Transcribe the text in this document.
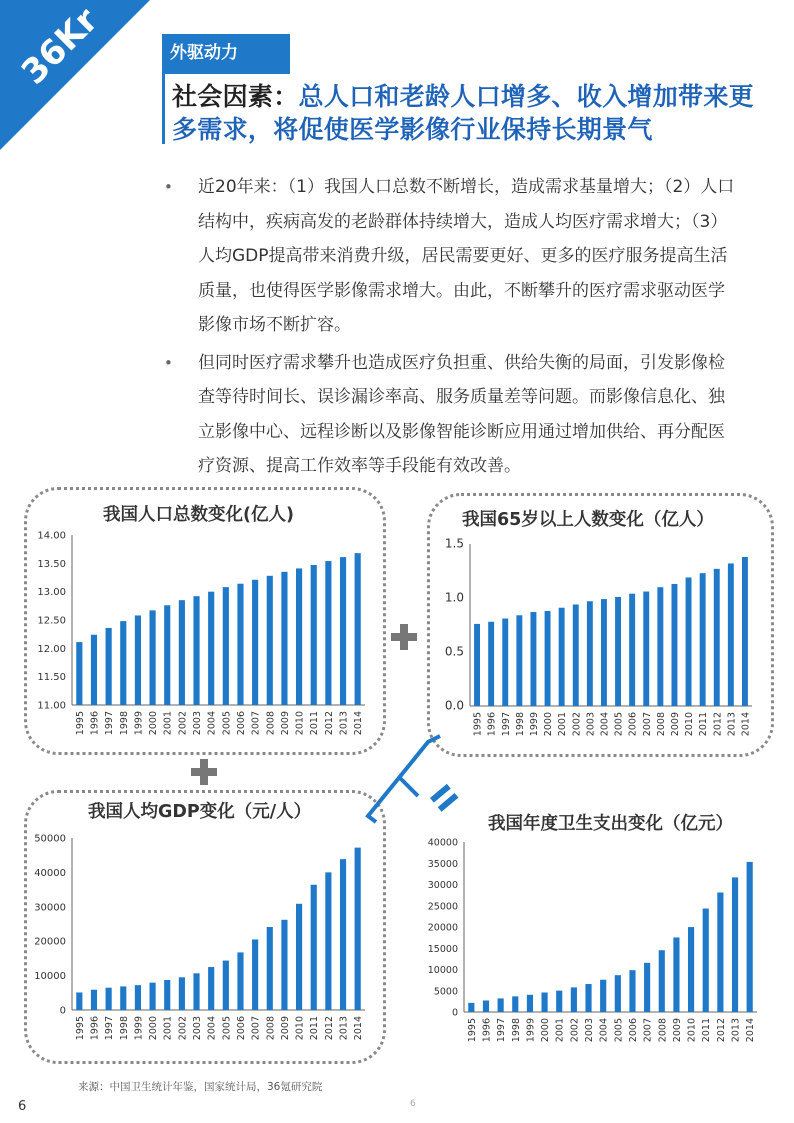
36Kr	外驱动力
社会因素：总人口和老龄人口增多、收入增加带来更多需求，将促使医学影像行业保持长期景气
• 近20年来：（1）我国人口总数不断增长，造成需求基量增大；（2）人口结构中，疾病高发的老龄群体持续增大，造成人均医疗需求增大；（3）人均GDP提高带来消费升级，居民需要更好、更多的医疗服务提高生活质量，也使得医学影像需求增大。由此，不断攀升的医疗需求驱动医学影像市场不断扩容。
• 但同时医疗需求攀升也造成医疗负担重、供给失衡的局面，引发影像检查等待时间长、误诊漏诊率高、服务质量差等问题。而影像信息化、独立影像中心、远程诊断以及影像智能诊断应用通过增加供给、再分配医疗资源、提高工作效率等手段能有效改善。
我国人口总数变化(亿人)	我国65岁以上人数变化（亿人）
我国人均GDP变化（元/人）
我国年度卫生支出变化（亿元）
11.00
11.50
12.00
12.50
13.00
13.50
14.00
1995 1996 1997 1998 1999 2000 2001 2002 2003 2004 2005 2006 2007 2008 2009 2010 2011 2012 2013 2014
0.0
0.5
1.0
1.5
1995 1996 1997 1998 1999 2000 2001 2002 2003 2004 2005 2006 2007 2008 2009 2010 2011 2012 2013 2014
0
10000
20000
30000
40000
50000
1995 1996 1997 1998 1999 2000 2001 2002 2003 2004 2005 2006 2007 2008 2009 2010 2011 2012 2013 2014
0
5000
10000
15000
20000
25000
30000
35000
40000
1995 1996 1997 1998 1999 2000 2001 2002 2003 2004 2005 2006 2007 2008 2009 2010 2011 2012 2013 2014
来源：中国卫生统计年鉴，国家统计局，36氪研究院
6	6
